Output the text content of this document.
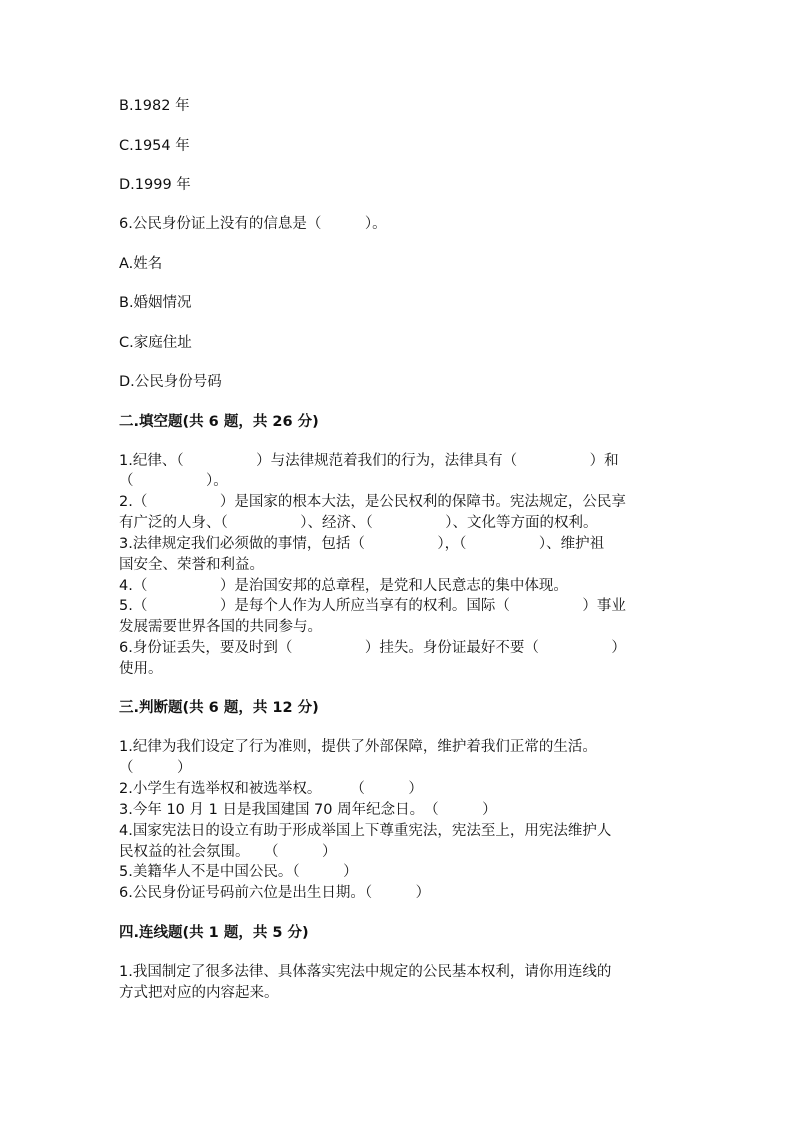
B.1982 年
C.1954 年
D.1999 年
6.公民身份证上没有的信息是（　　　）。
A.姓名
B.婚姻情况
C.家庭住址
D.公民身份号码
二.填空题(共 6 题，共 26 分)
1.纪律、（　　　　　）与法律规范着我们的行为，法律具有（　　　　　）和
（　　　　　）。
2.（　　　　　）是国家的根本大法，是公民权利的保障书。宪法规定，公民享
有广泛的人身、（　　　　　）、经济、（　　　　　）、文化等方面的权利。
3.法律规定我们必须做的事情，包括（　　　　　），（　　　　　）、维护祖
国安全、荣誉和利益。
4.（　　　　　）是治国安邦的总章程，是党和人民意志的集中体现。
5.（　　　　　）是每个人作为人所应当享有的权利。国际（　　　　　）事业
发展需要世界各国的共同参与。
6.身份证丢失，要及时到（　　　　　）挂失。身份证最好不要（　　　　　）
使用。
三.判断题(共 6 题，共 12 分)
1.纪律为我们设定了行为准则，提供了外部保障，维护着我们正常的生活。
（　　　）
2.小学生有选举权和被选举权。　　　（　　　）
3.今年 10 月 1 日是我国建国 70 周年纪念日。　（　　　）
4.国家宪法日的设立有助于形成举国上下尊重宪法，宪法至上，用宪法维护人
民权益的社会氛围。　　（　　　）
5.美籍华人不是中国公民。（　　　）
6.公民身份证号码前六位是出生日期。（　　　）
四.连线题(共 1 题，共 5 分)
1.我国制定了很多法律、具体落实宪法中规定的公民基本权利，请你用连线的
方式把对应的内容起来。
